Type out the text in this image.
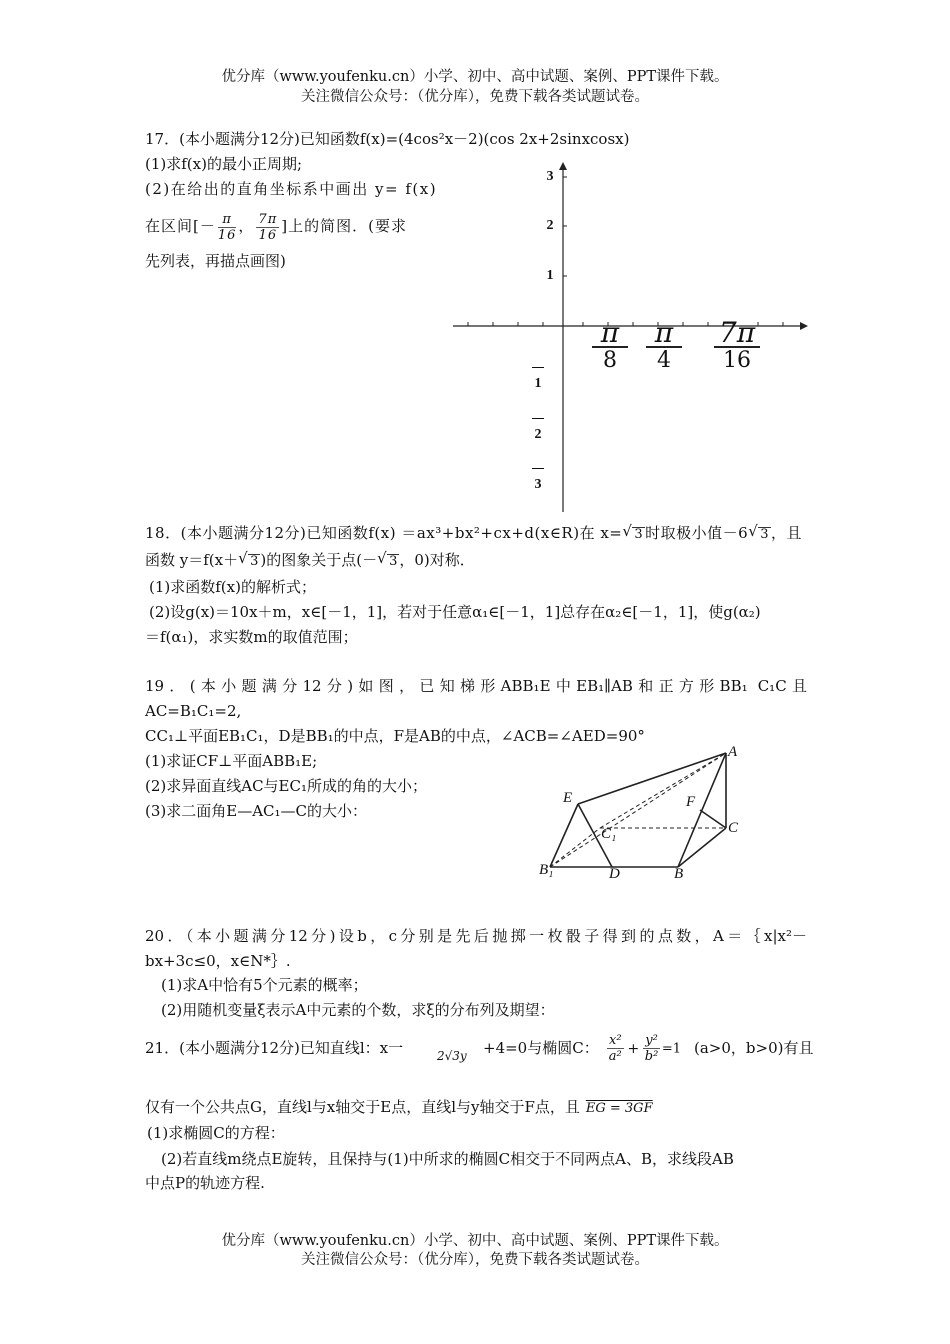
优分库（www.youfenku.cn）小学、初中、高中试题、案例、PPT课件下载。
关注微信公众号：（优分库），免费下载各类试题试卷。
17．(本小题满分12分)已知函数f(x)=(4cos²x－2)(cos 2x+2sinxcosx)
(1)求f(x)的最小正周期;
(2)在给出的直角坐标系中画出 y= f(x)
在区间[－ $\frac{\pi}{16}$ ， $\frac{7\pi}{16}$ ]上的简图．(要求
先列表，再描点画图)
3
2
1
1
2
3
π
8
π
4
7π
16
18．(本小题满分12分)已知函数f(x) ＝ax³+bx²+cx+d(x∈R)在 x= √ 3 时取极小值－6 √ 3 ，且
函数 y＝f(x＋ √ 3 )的图象关于点(－ √ 3 ，0)对称．
(1)求函数f(x)的解析式；
(2)设g(x)＝10x＋m，x∈[－1，1]，若对于任意α₁∈[－1，1]总存在α₂∈[－1，1]，使g(α₂)
＝f(α₁)，求实数m的取值范围；
19．(本小题满分12分)如图，已知梯形ABB₁E中EB₁∥AB和正方形BB₁ C₁C且
AC=B₁C₁=2,
CC₁⊥平面EB₁C₁，D是BB₁的中点，F是AB的中点，∠ACB=∠AED=90°
(1)求证CF⊥平面ABB₁E;
(2)求异面直线AC与EC₁所成的角的大小；
(3)求二面角E—AC₁—C的大小：
A
E	F
C
C₁
B₁	D	B
20．（本小题满分12分)设b，c分别是先后抛掷一枚骰子得到的点数，A＝｛x|x²－
bx+3c≤0，x∈N*｝.
(1)求A中恰有5个元素的概率；
(2)用随机变量ξ表示A中元素的个数，求ξ的分布列及期望：
21．(本小题满分12分)已知直线l：x一	2√3y +4=0与椭圆C： $\frac{\text{x²}}{\text{a²}} + \frac{\text{y²}}{\text{b²}} =1$ (a>0，b>0)有且
仅有一个公共点G，直线l与x轴交于E点，直线l与y轴交于F点，且 EG = 3GF
(1)求椭圆C的方程：
(2)若直线m绕点E旋转，且保持与(1)中所求的椭圆C相交于不同两点A、B，求线段AB
中点P的轨迹方程.
优分库（www.youfenku.cn）小学、初中、高中试题、案例、PPT课件下载。
关注微信公众号：（优分库），免费下载各类试题试卷。
